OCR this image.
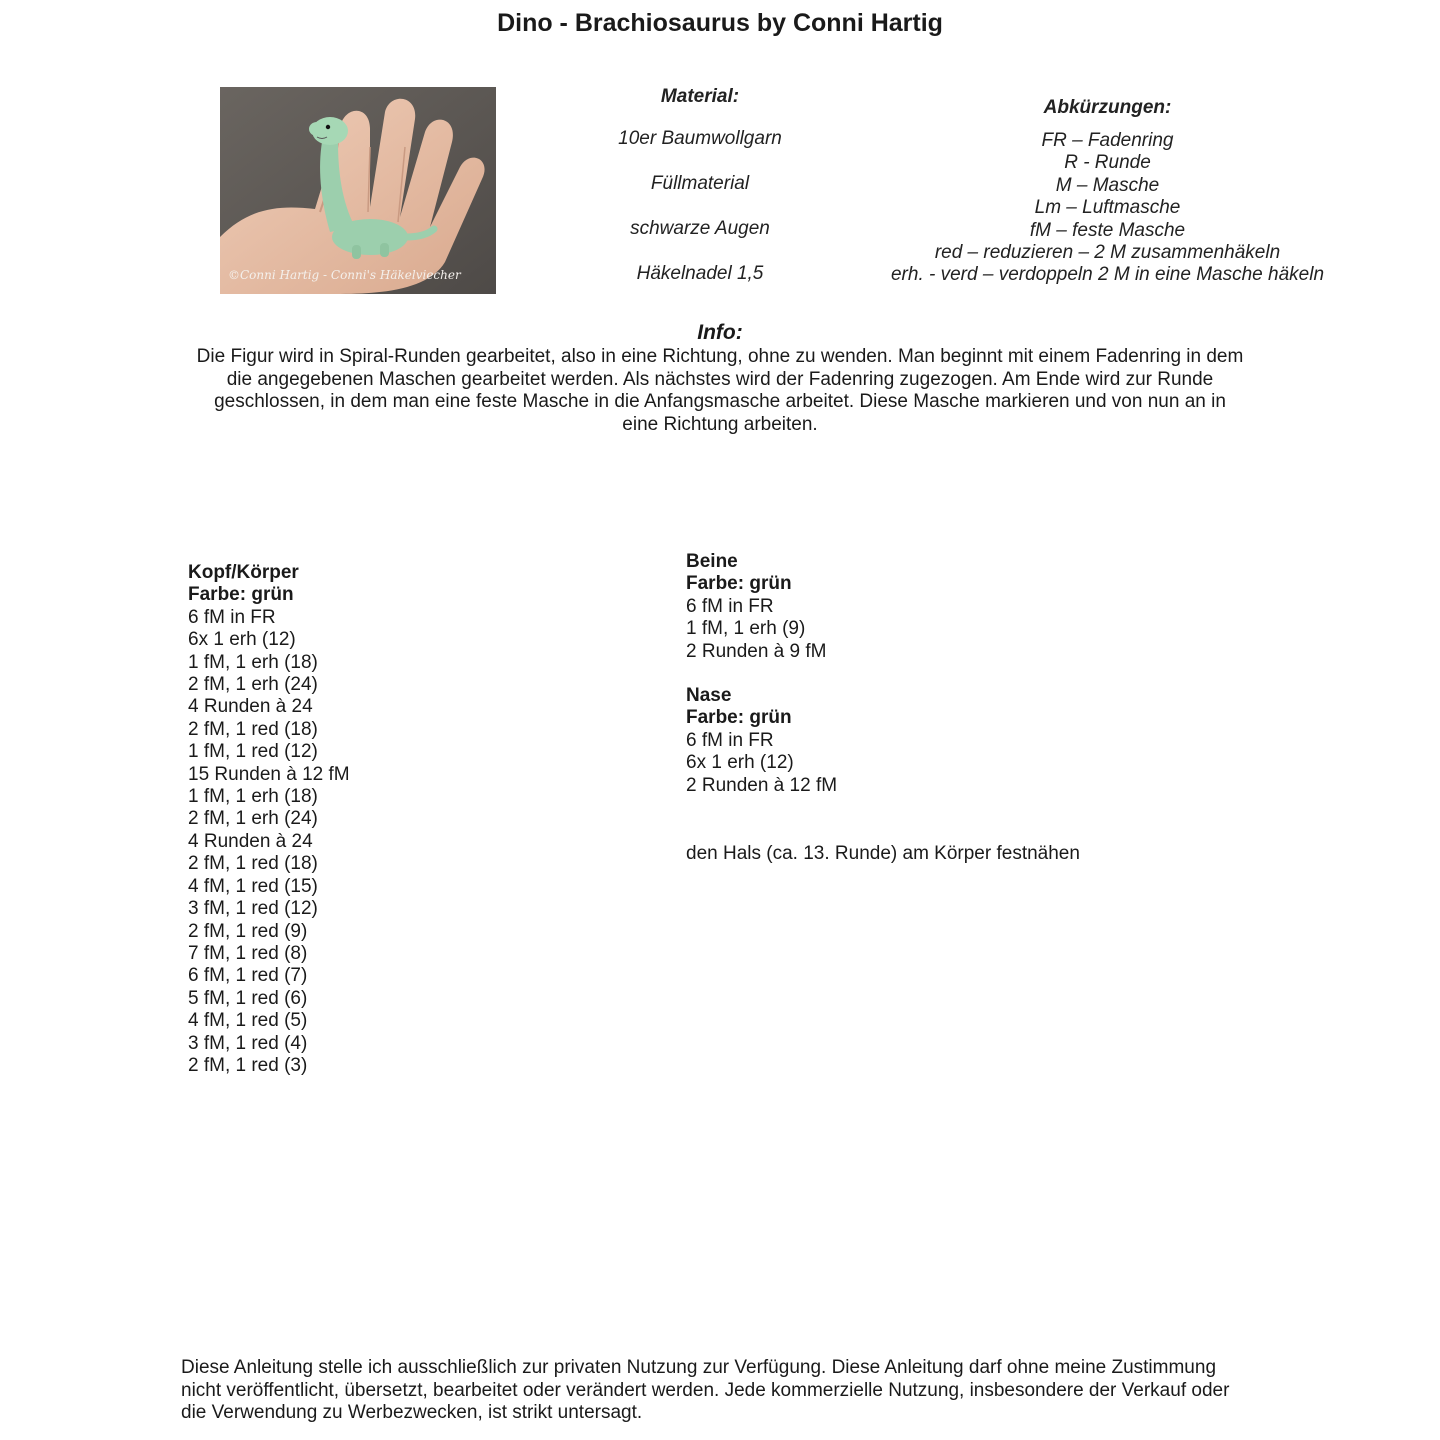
Dino - Brachiosaurus by Conni Hartig
©Conni Hartig - Conni's Häkelviecher
Material:
10er Baumwollgarn
Füllmaterial
schwarze Augen
Häkelnadel 1,5
Abkürzungen:
FR – Fadenring
R - Runde
M – Masche
Lm – Luftmasche
fM – feste Masche
red – reduzieren – 2 M zusammenhäkeln
erh. - verd – verdoppeln 2 M in eine Masche häkeln
Info:
Die Figur wird in Spiral-Runden gearbeitet, also in eine Richtung, ohne zu wenden. Man beginnt mit einem Fadenring in dem
die angegebenen Maschen gearbeitet werden. Als nächstes wird der Fadenring zugezogen. Am Ende wird zur Runde
geschlossen, in dem man eine feste Masche in die Anfangsmasche arbeitet. Diese Masche markieren und von nun an in
eine Richtung arbeiten.
Kopf/Körper
Farbe: grün
6 fM in FR
6x 1 erh (12)
1 fM, 1 erh (18)
2 fM, 1 erh (24)
4 Runden à 24
2 fM, 1 red (18)
1 fM, 1 red (12)
15 Runden à 12 fM
1 fM, 1 erh (18)
2 fM, 1 erh (24)
4 Runden à 24
2 fM, 1 red (18)
4 fM, 1 red (15)
3 fM, 1 red (12)
2 fM, 1 red (9)
7 fM, 1 red (8)
6 fM, 1 red (7)
5 fM, 1 red (6)
4 fM, 1 red (5)
3 fM, 1 red (4)
2 fM, 1 red (3)
Beine
Farbe: grün
6 fM in FR
1 fM, 1 erh (9)
2 Runden à 9 fM
Nase
Farbe: grün
6 fM in FR
6x 1 erh (12)
2 Runden à 12 fM
den Hals (ca. 13. Runde) am Körper festnähen
Diese Anleitung stelle ich ausschließlich zur privaten Nutzung zur Verfügung. Diese Anleitung darf ohne meine Zustimmung
nicht veröffentlicht, übersetzt, bearbeitet oder verändert werden. Jede kommerzielle Nutzung, insbesondere der Verkauf oder
die Verwendung zu Werbezwecken, ist strikt untersagt.
